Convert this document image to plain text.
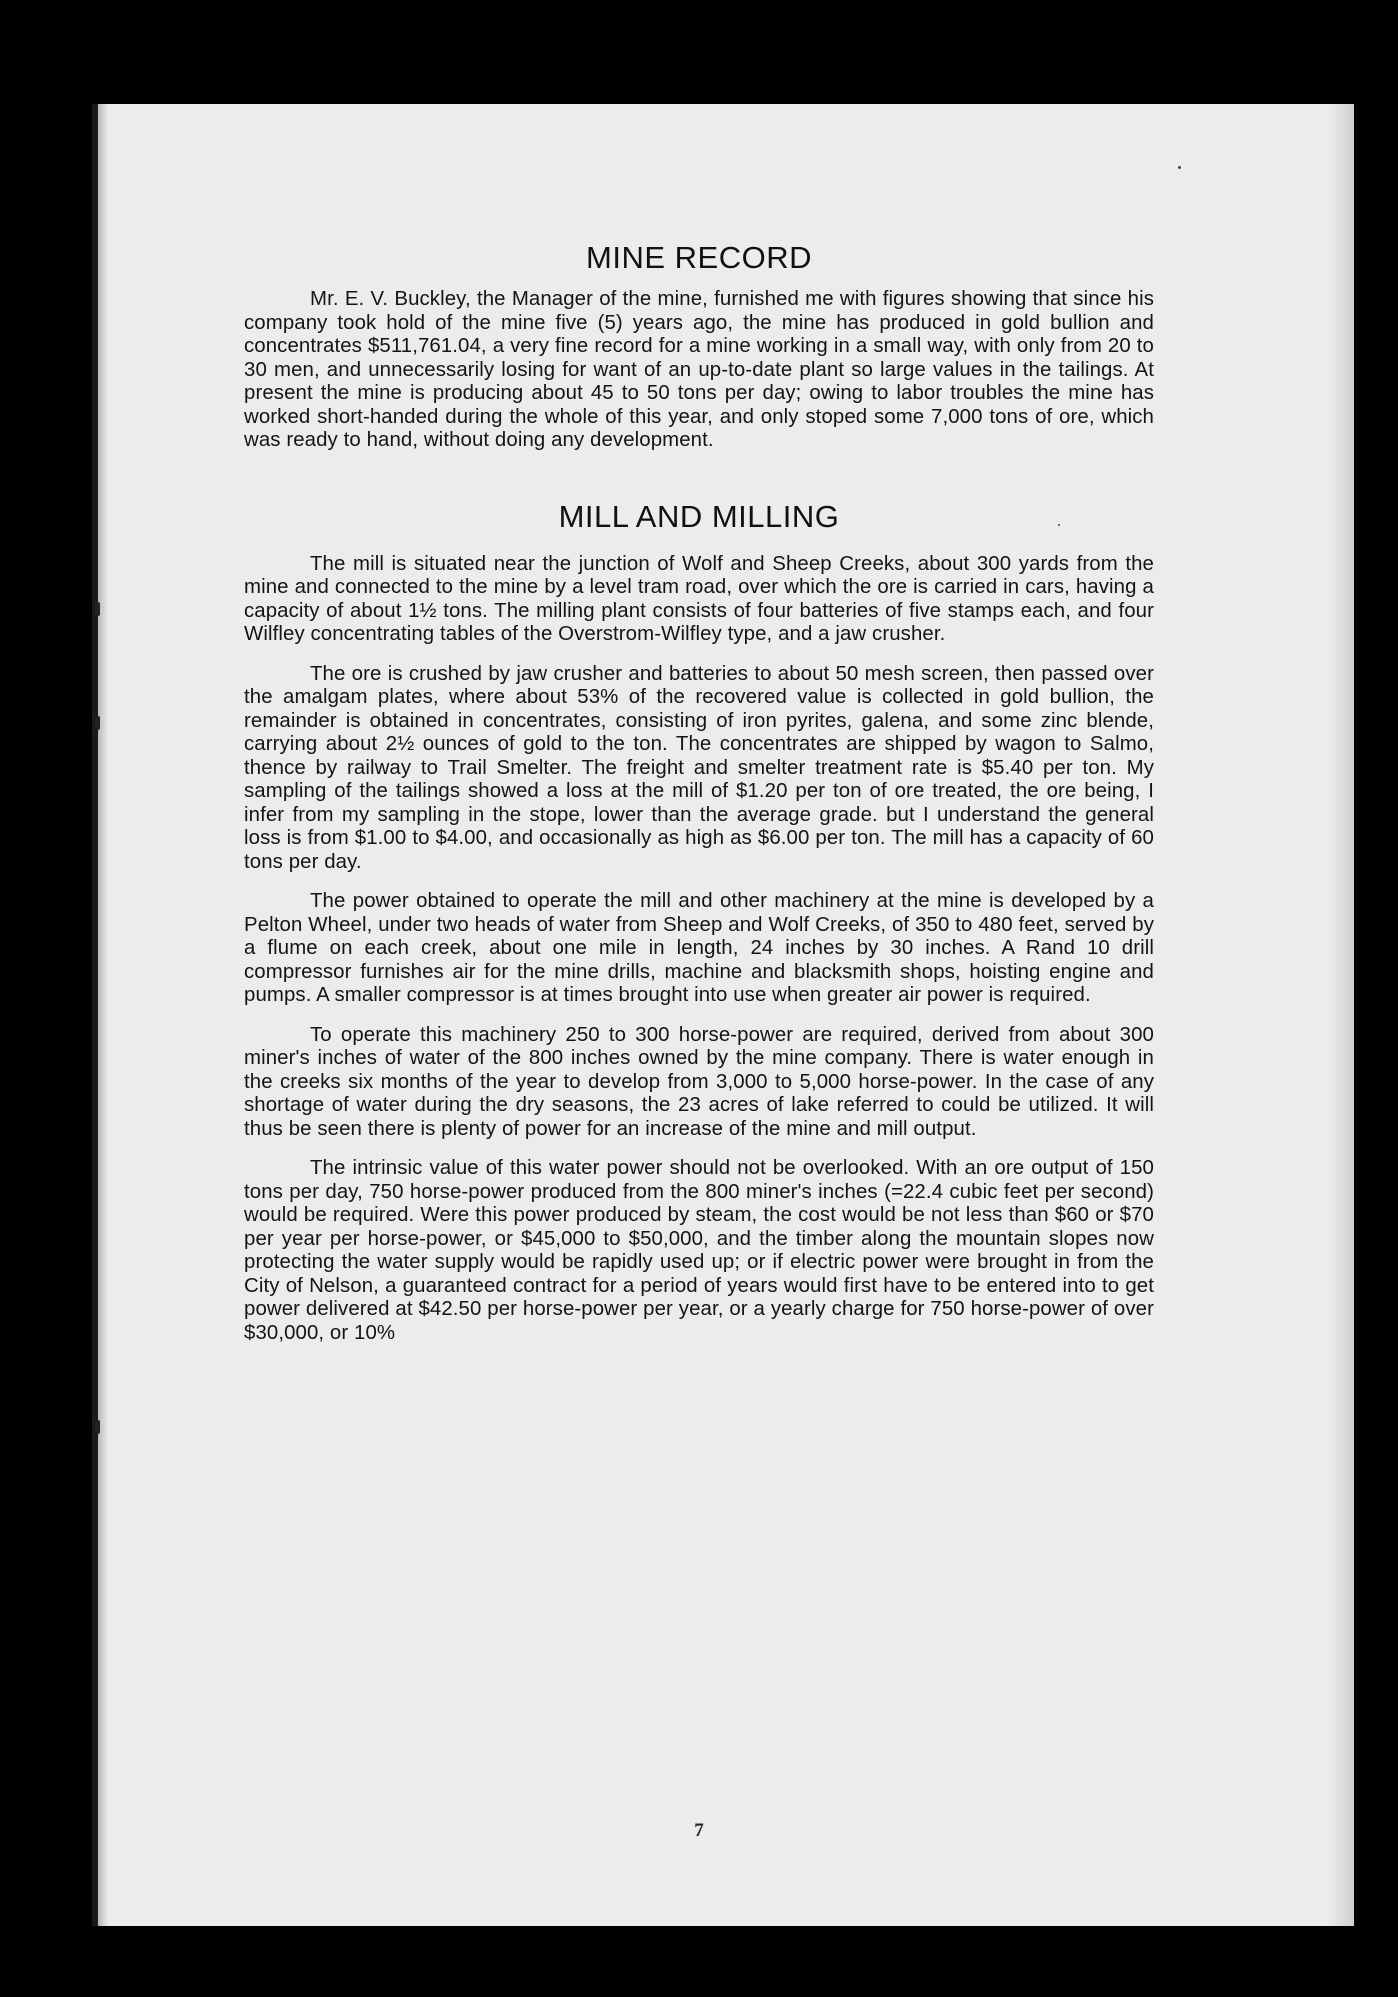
MINE RECORD

Mr. E. V. Buckley, the Manager of the mine, furnished me with figures showing that since his company took hold of the mine five (5) years ago, the mine has produced in gold bullion and concentrates $511,761.04, a very fine record for a mine working in a small way, with only from 20 to 30 men, and unnecessarily losing for want of an up-to-date plant so large values in the tailings. At present the mine is producing about 45 to 50 tons per day; owing to labor troubles the mine has worked short-handed during the whole of this year, and only stoped some 7,000 tons of ore, which was ready to hand, without doing any development.

MILL AND MILLING

The mill is situated near the junction of Wolf and Sheep Creeks, about 300 yards from the mine and connected to the mine by a level tram road, over which the ore is carried in cars, having a capacity of about 1½ tons. The milling plant consists of four batteries of five stamps each, and four Wilfley concentrating tables of the Overstrom-Wilfley type, and a jaw crusher.

The ore is crushed by jaw crusher and batteries to about 50 mesh screen, then passed over the amalgam plates, where about 53% of the recovered value is collected in gold bullion, the remainder is obtained in concentrates, consisting of iron pyrites, galena, and some zinc blende, carrying about 2½ ounces of gold to the ton. The concentrates are shipped by wagon to Salmo, thence by railway to Trail Smelter. The freight and smelter treatment rate is $5.40 per ton. My sampling of the tailings showed a loss at the mill of $1.20 per ton of ore treated, the ore being, I infer from my sampling in the stope, lower than the average grade. but I understand the general loss is from $1.00 to $4.00, and occasionally as high as $6.00 per ton. The mill has a capacity of 60 tons per day.

The power obtained to operate the mill and other machinery at the mine is developed by a Pelton Wheel, under two heads of water from Sheep and Wolf Creeks, of 350 to 480 feet, served by a flume on each creek, about one mile in length, 24 inches by 30 inches. A Rand 10 drill compressor furnishes air for the mine drills, machine and blacksmith shops, hoisting engine and pumps. A smaller compressor is at times brought into use when greater air power is required.

To operate this machinery 250 to 300 horse-power are required, derived from about 300 miner's inches of water of the 800 inches owned by the mine company. There is water enough in the creeks six months of the year to develop from 3,000 to 5,000 horse-power. In the case of any shortage of water during the dry seasons, the 23 acres of lake referred to could be utilized. It will thus be seen there is plenty of power for an increase of the mine and mill output.

The intrinsic value of this water power should not be overlooked. With an ore output of 150 tons per day, 750 horse-power produced from the 800 miner's inches (=22.4 cubic feet per second) would be required. Were this power produced by steam, the cost would be not less than $60 or $70 per year per horse-power, or $45,000 to $50,000, and the timber along the mountain slopes now protecting the water supply would be rapidly used up; or if electric power were brought in from the City of Nelson, a guaranteed contract for a period of years would first have to be entered into to get power delivered at $42.50 per horse-power per year, or a yearly charge for 750 horse-power of over $30,000, or 10%

7
